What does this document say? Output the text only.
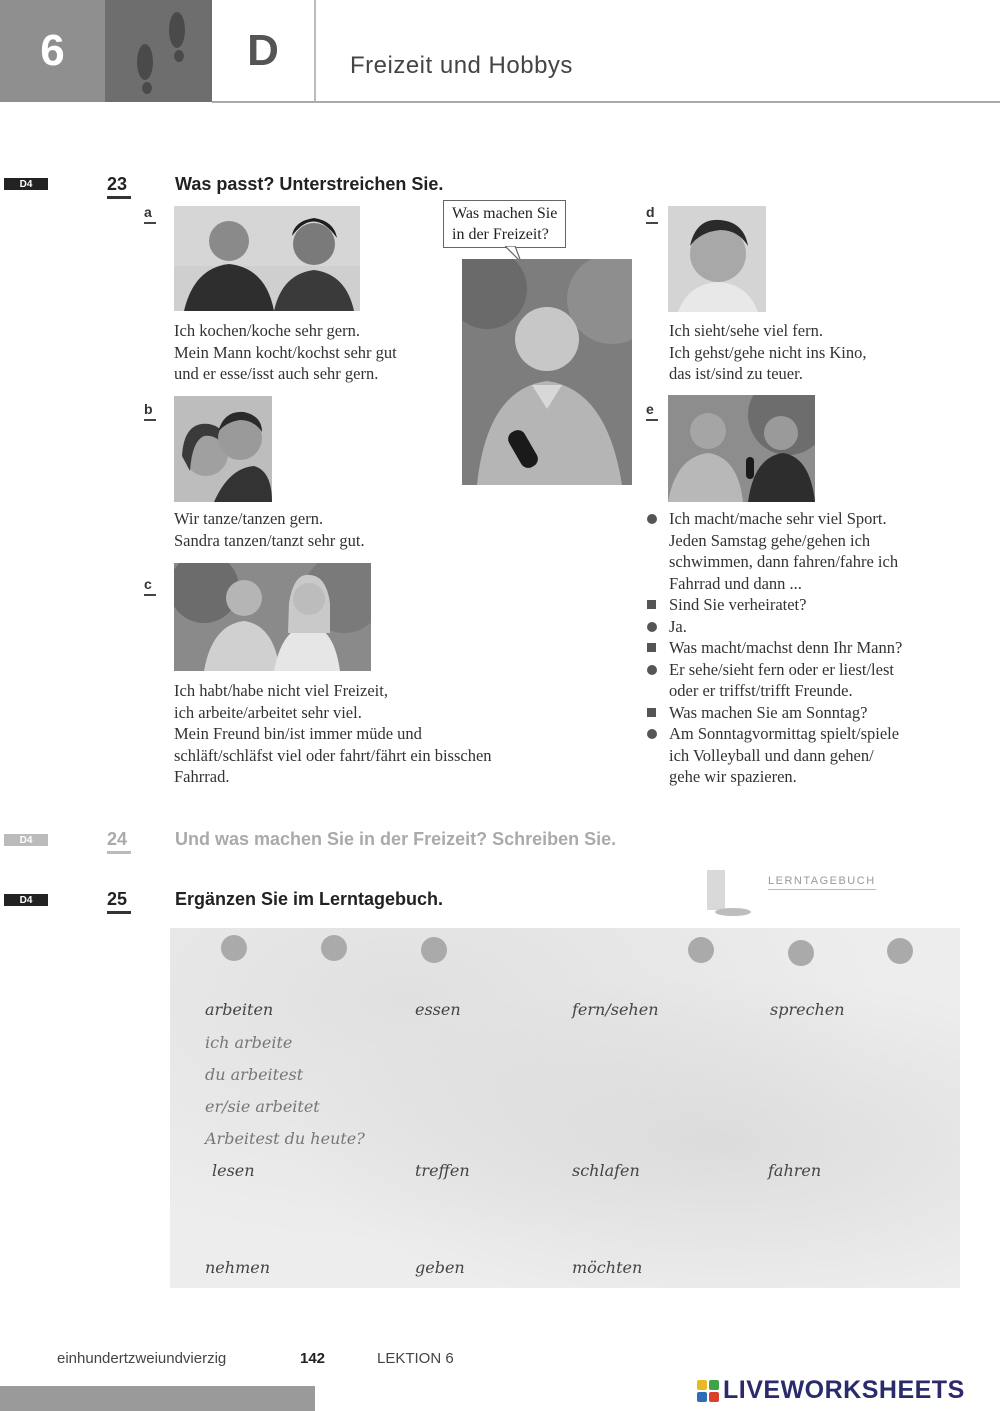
6	D	Freizeit und Hobbys
D4	23	Was passt? Unterstreichen Sie.
a
Ich kochen/koche sehr gern.
Mein Mann kocht/kochst sehr gut
und er esse/isst auch sehr gern.
Was machen Sie
in der Freizeit?
b
Wir tanze/tanzen gern.
Sandra tanzen/tanzt sehr gut.
c
Ich habt/habe nicht viel Freizeit,
ich arbeite/arbeitet sehr viel.
Mein Freund bin/ist immer müde und
schläft/schläfst viel oder fahrt/fährt ein bisschen
Fahrrad.
d
Ich sieht/sehe viel fern.
Ich gehst/gehe nicht ins Kino,
das ist/sind zu teuer.
e
Ich macht/mache sehr viel Sport.
Jeden Samstag gehe/gehen ich
schwimmen, dann fahren/fahre ich
Fahrrad und dann ...
Sind Sie verheiratet?
Ja.
Was macht/machst denn Ihr Mann?
Er sehe/sieht fern oder er liest/lest
oder er triffst/trifft Freunde.
Was machen Sie am Sonntag?
Am Sonntagvormittag spielt/spiele
ich Volleyball und dann gehen/
gehe wir spazieren.
D4	24	Und was machen Sie in der Freizeit? Schreiben Sie.
D4	25	Ergänzen Sie im Lerntagebuch.
LERNTAGEBUCH
arbeiten	essen	fern/sehen	sprechen
ich arbeite
du arbeitest
er/sie arbeitet
Arbeitest du heute?
lesen	treffen	schlafen	fahren
nehmen	geben	möchten
einhundertzweiundvierzig	142	LEKTION 6
LIVEWORKSHEETS
